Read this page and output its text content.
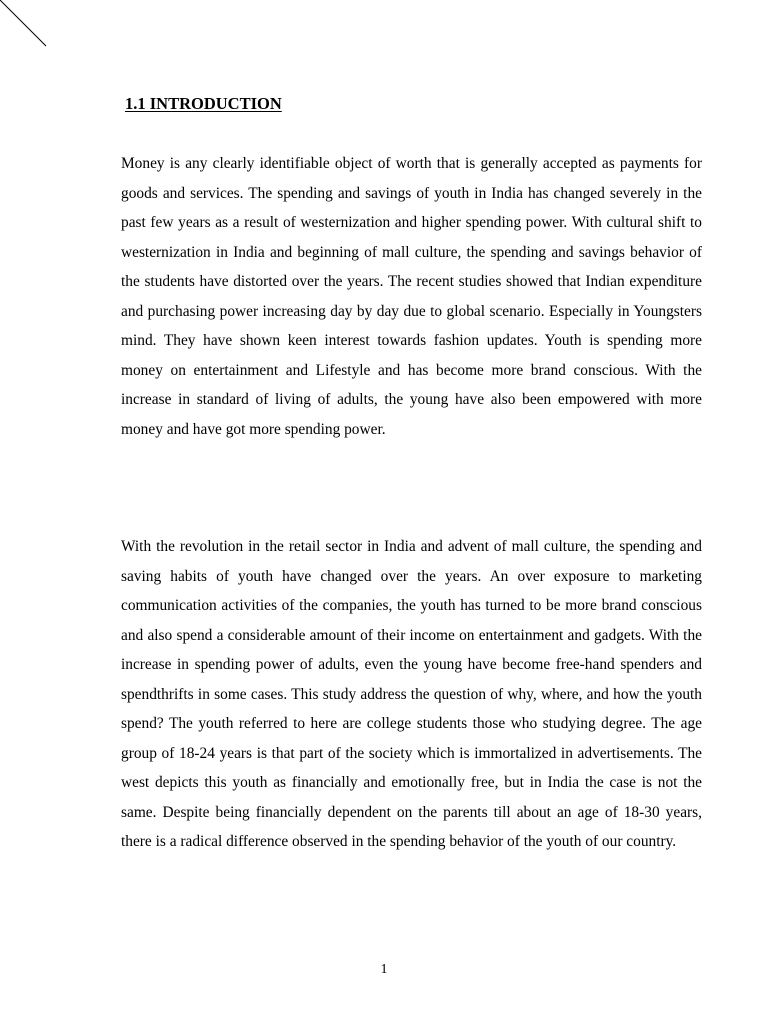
1.1 INTRODUCTION

Money is any clearly identifiable object of worth that is generally accepted as payments for goods and services. The spending and savings of youth in India has changed severely in the past few years as a result of westernization and higher spending power. With cultural shift to westernization in India and beginning of mall culture, the spending and savings behavior of the students have distorted over the years. The recent studies showed that Indian expenditure and purchasing power increasing day by day due to global scenario. Especially in Youngsters mind. They have shown keen interest towards fashion updates. Youth is spending more money on entertainment and Lifestyle and has become more brand conscious. With the increase in standard of living of adults, the young have also been empowered with more money and have got more spending power.

With the revolution in the retail sector in India and advent of mall culture, the spending and saving habits of youth have changed over the years. An over exposure to marketing communication activities of the companies, the youth has turned to be more brand conscious and also spend a considerable amount of their income on entertainment and gadgets. With the increase in spending power of adults, even the young have become free-hand spenders and spendthrifts in some cases. This study address the question of why, where, and how the youth spend? The youth referred to here are college students those who studying degree. The age group of 18-24 years is that part of the society which is immortalized in advertisements. The west depicts this youth as financially and emotionally free, but in India the case is not the same. Despite being financially dependent on the parents till about an age of 18-30 years, there is a radical difference observed in the spending behavior of the youth of our country.

1
